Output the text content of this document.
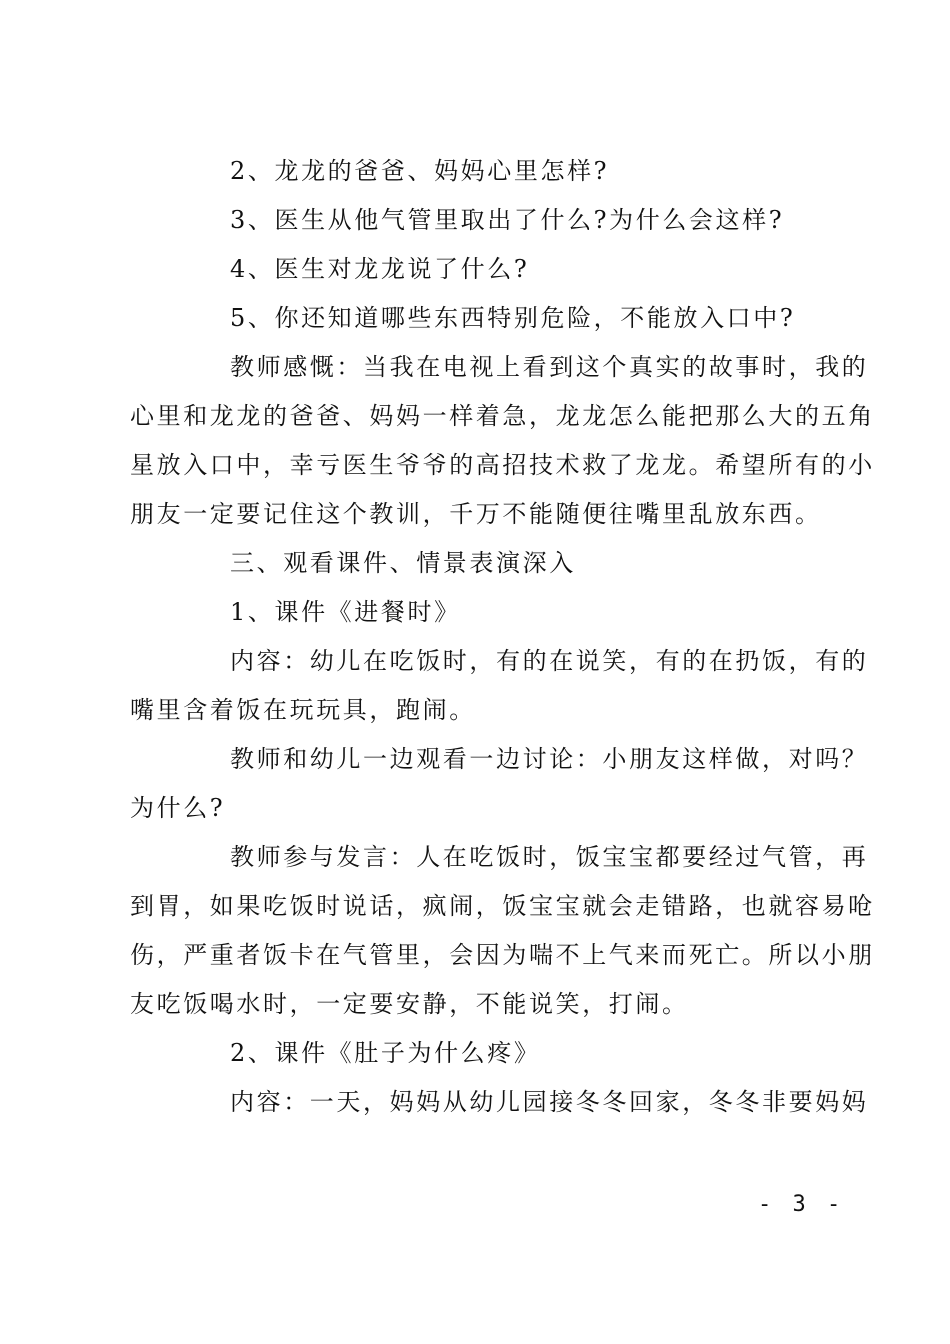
2、龙龙的爸爸、妈妈心里怎样?
3、医生从他气管里取出了什么?为什么会这样?
4、医生对龙龙说了什么?
5、你还知道哪些东西特别危险，不能放入口中?
教师感慨：当我在电视上看到这个真实的故事时，我的
心里和龙龙的爸爸、妈妈一样着急，龙龙怎么能把那么大的五角
星放入口中，幸亏医生爷爷的高招技术救了龙龙。希望所有的小
朋友一定要记住这个教训，千万不能随便往嘴里乱放东西。
三、观看课件、情景表演深入
1、课件《进餐时》
内容：幼儿在吃饭时，有的在说笑，有的在扔饭，有的
嘴里含着饭在玩玩具，跑闹。
教师和幼儿一边观看一边讨论：小朋友这样做，对吗？
为什么?
教师参与发言：人在吃饭时，饭宝宝都要经过气管，再
到胃，如果吃饭时说话，疯闹，饭宝宝就会走错路，也就容易呛
伤，严重者饭卡在气管里，会因为喘不上气来而死亡。所以小朋
友吃饭喝水时，一定要安静，不能说笑，打闹。
2、课件《肚子为什么疼》
内容：一天，妈妈从幼儿园接冬冬回家，冬冬非要妈妈
- 3 -
